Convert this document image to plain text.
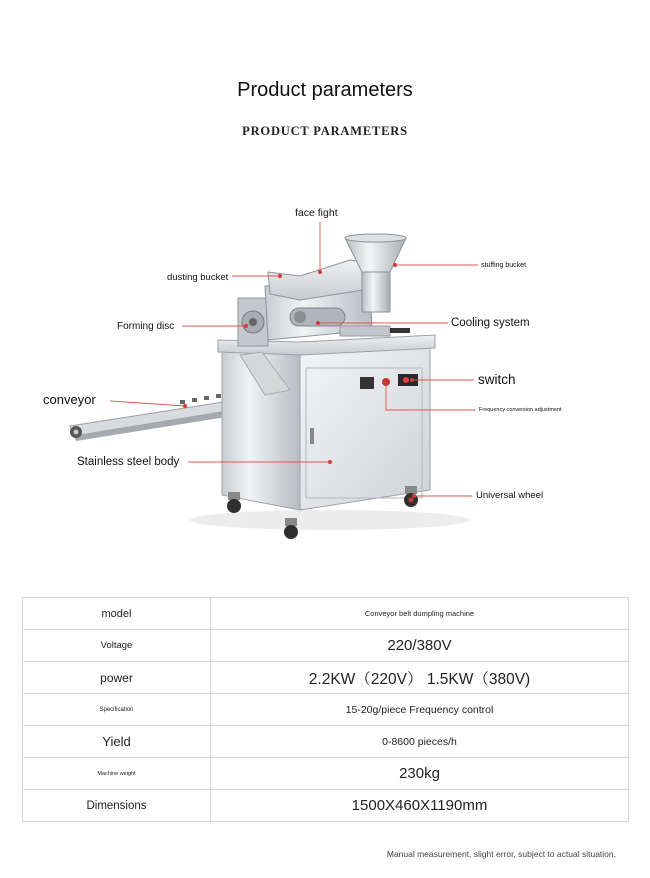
Product parameters
PRODUCT PARAMETERS
face fight
dusting bucket
stuffing bucket
Forming disc	Cooling system
conveyor
switch
Frequency conversion adjustment
Stainless steel body
Universal wheel
model	Conveyor belt dumpling machine
Voltage	220/380V
power	2.2KW（220V） 1.5KW（380V)
Specification	15-20g/piece Frequency control
Yield	0-8600 pieces/h
Machine weight	230kg
Dimensions	1500X460X1190mm
Manual measurement, slight error, subject to actual situation.
